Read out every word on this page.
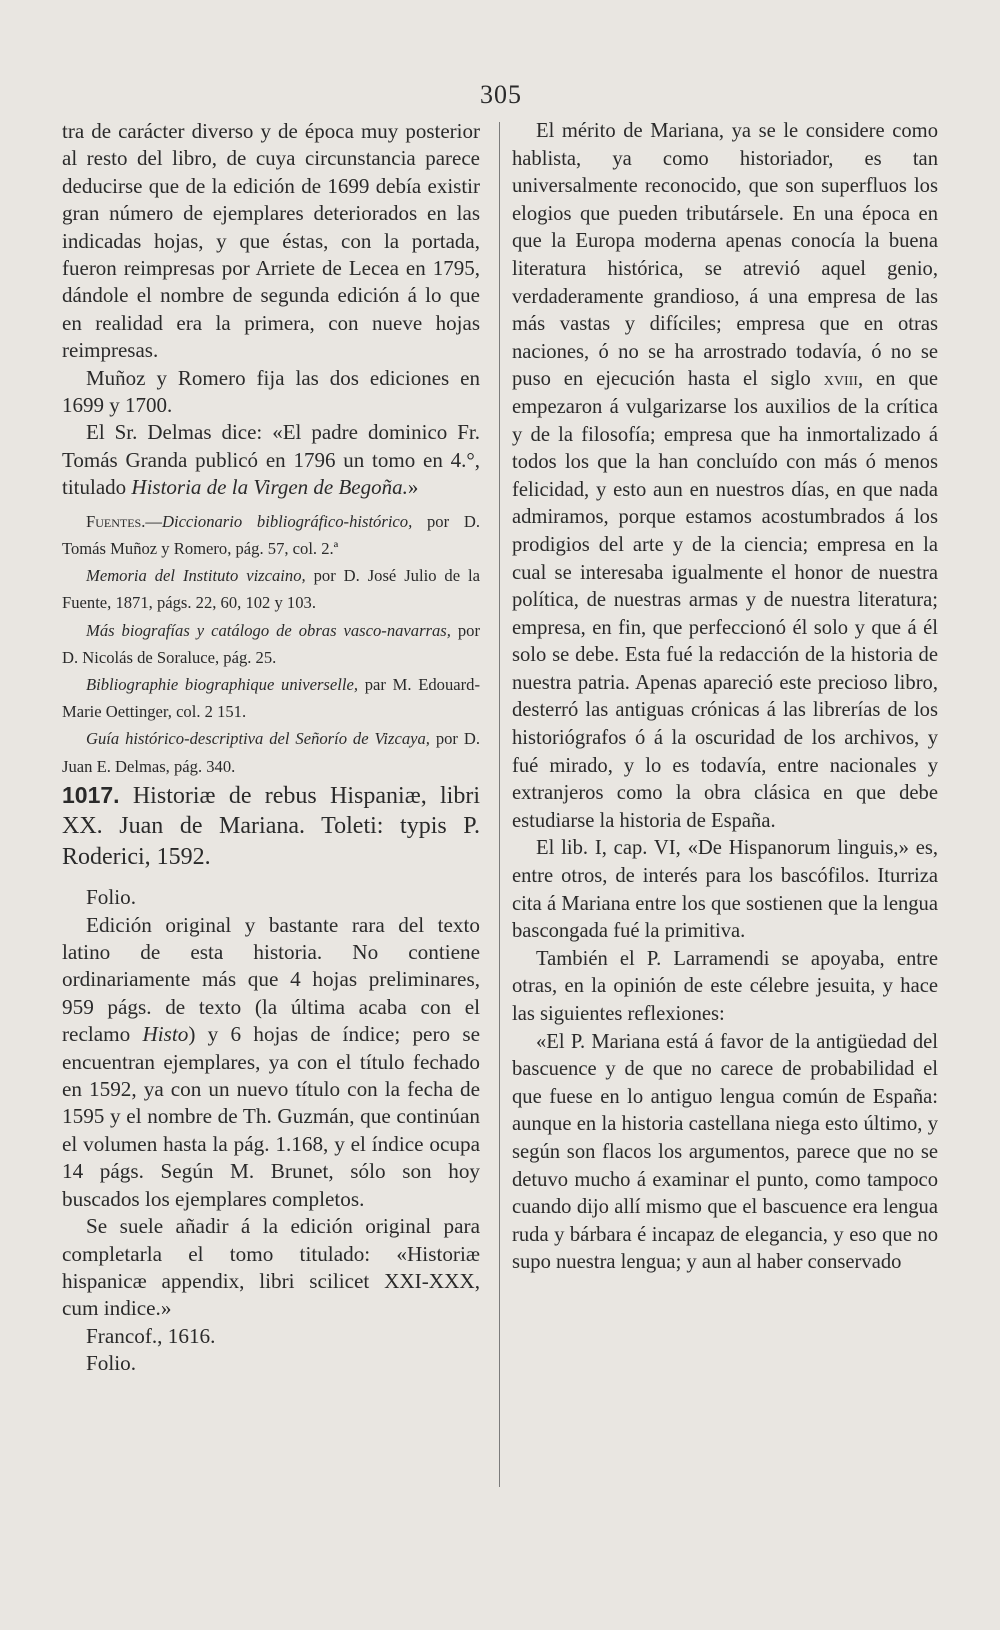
305

tra de carácter diverso y de época muy posterior al resto del libro, de cuya circunstancia parece deducirse que de la edición de 1699 debía existir gran número de ejemplares deteriorados en las indicadas hojas, y que éstas, con la portada, fueron reimpresas por Arriete de Lecea en 1795, dándole el nombre de segunda edición á lo que en realidad era la primera, con nueve hojas reimpresas.

Muñoz y Romero fija las dos ediciones en 1699 y 1700.

El Sr. Delmas dice: «El padre dominico Fr. Tomás Granda publicó en 1796 un tomo en 4.°, titulado Historia de la Virgen de Begoña.»

Fuentes.—Diccionario bibliográfico-histórico, por D. Tomás Muñoz y Romero, pág. 57, col. 2.ª

Memoria del Instituto vizcaino, por D. José Julio de la Fuente, 1871, págs. 22, 60, 102 y 103.

Más biografías y catálogo de obras vasco-navarras, por D. Nicolás de Soraluce, pág. 25.

Bibliographie biographique universelle, par M. Edouard-Marie Oettinger, col. 2 151.

Guía histórico-descriptiva del Señorío de Vizcaya, por D. Juan E. Delmas, pág. 340.

1017. Historiæ de rebus Hispaniæ, libri XX. Juan de Mariana. Toleti: typis P. Roderici, 1592.

Folio.

Edición original y bastante rara del texto latino de esta historia. No contiene ordinariamente más que 4 hojas preliminares, 959 págs. de texto (la última acaba con el reclamo Histo) y 6 hojas de índice; pero se encuentran ejemplares, ya con el título fechado en 1592, ya con un nuevo título con la fecha de 1595 y el nombre de Th. Guzmán, que continúan el volumen hasta la pág. 1.168, y el índice ocupa 14 págs. Según M. Brunet, sólo son hoy buscados los ejemplares completos.

Se suele añadir á la edición original para completarla el tomo titulado: «Historiæ hispanicæ appendix, libri scilicet XXI-XXX, cum indice.»

Francof., 1616.

Folio.

El mérito de Mariana, ya se le considere como hablista, ya como historiador, es tan universalmente reconocido, que son superfluos los elogios que pueden tributársele. En una época en que la Europa moderna apenas conocía la buena literatura histórica, se atrevió aquel genio, verdaderamente grandioso, á una empresa de las más vastas y difíciles; empresa que en otras naciones, ó no se ha arrostrado todavía, ó no se puso en ejecución hasta el siglo xviii, en que empezaron á vulgarizarse los auxilios de la crítica y de la filosofía; empresa que ha inmortalizado á todos los que la han concluído con más ó menos felicidad, y esto aun en nuestros días, en que nada admiramos, porque estamos acostumbrados á los prodigios del arte y de la ciencia; empresa en la cual se interesaba igualmente el honor de nuestra política, de nuestras armas y de nuestra literatura; empresa, en fin, que perfeccionó él solo y que á él solo se debe. Esta fué la redacción de la historia de nuestra patria. Apenas apareció este precioso libro, desterró las antiguas crónicas á las librerías de los historiógrafos ó á la oscuridad de los archivos, y fué mirado, y lo es todavía, entre nacionales y extranjeros como la obra clásica en que debe estudiarse la historia de España.

El lib. I, cap. VI, «De Hispanorum linguis,» es, entre otros, de interés para los bascófilos. Iturriza cita á Mariana entre los que sostienen que la lengua bascongada fué la primitiva.

También el P. Larramendi se apoyaba, entre otras, en la opinión de este célebre jesuita, y hace las siguientes reflexiones:

«El P. Mariana está á favor de la antigüedad del bascuence y de que no carece de probabilidad el que fuese en lo antiguo lengua común de España: aunque en la historia castellana niega esto último, y según son flacos los argumentos, parece que no se detuvo mucho á examinar el punto, como tampoco cuando dijo allí mismo que el bascuence era lengua ruda y bárbara é incapaz de elegancia, y eso que no supo nuestra lengua; y aun al haber conservado
